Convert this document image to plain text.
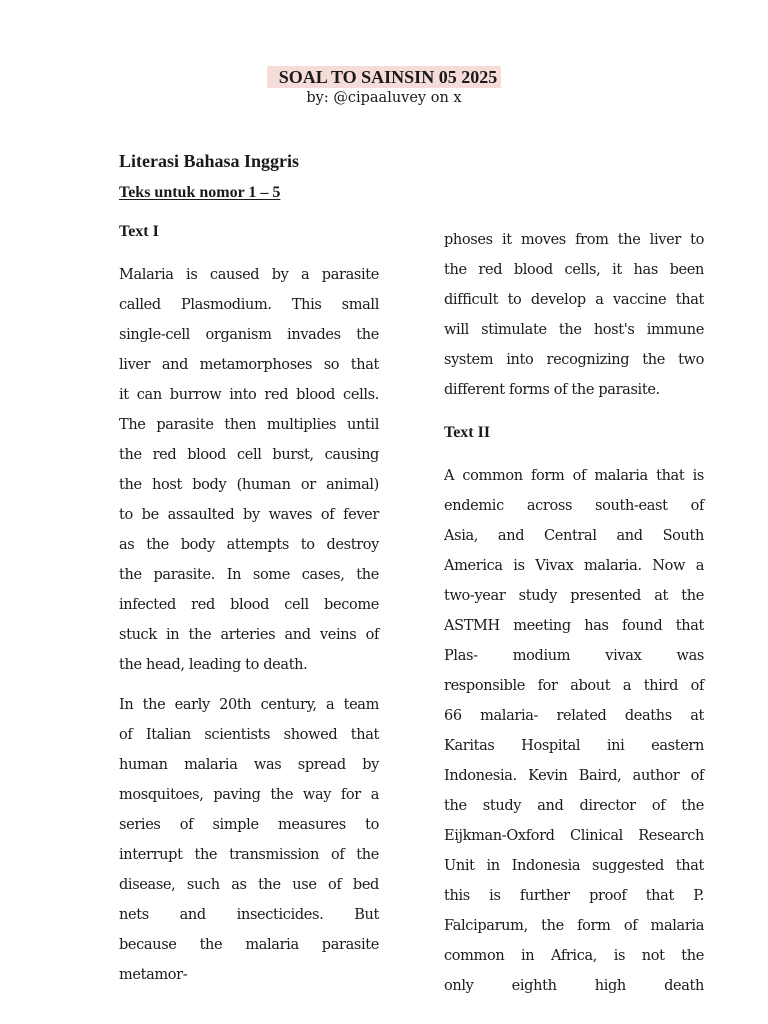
SOAL TO SAINSIN 05 2025
by: @cipaaluvey on x
Literasi Bahasa Inggris
Teks untuk nomor 1 – 5
Text I

Malaria is caused by a parasite
called Plasmodium. This small
single-cell organism invades the
liver and metamorphoses so that
it can burrow into red blood cells.
The parasite then multiplies until
the red blood cell burst, causing
the host body (human or animal)
to be assaulted by waves of fever
as the body attempts to destroy
the parasite. In some cases, the
infected red blood cell become
stuck in the arteries and veins of
the head, leading to death.

In the early 20th century, a team
of Italian scientists showed that
human malaria was spread by
mosquitoes, paving the way for a
series of simple measures to
interrupt the transmission of the
disease, such as the use of bed
nets and insecticides. But
because the malaria parasite
metamor-

phoses it moves from the liver to
the red blood cells, it has been
difficult to develop a vaccine that
will stimulate the host's immune
system into recognizing the two
different forms of the parasite.

Text II

A common form of malaria that is
endemic across south-east of
Asia, and Central and South
America is Vivax malaria. Now a
two-year study presented at the
ASTMH meeting has found that
Plas- modium vivax was
responsible for about a third of
66 malaria- related deaths at
Karitas Hospital ini eastern
Indonesia. Kevin Baird, author of
the study and director of the
Eijkman-Oxford Clinical Research
Unit in Indonesia suggested that
this is further proof that P.
Falciparum, the form of malaria
common in Africa, is not the
only eighth high death
